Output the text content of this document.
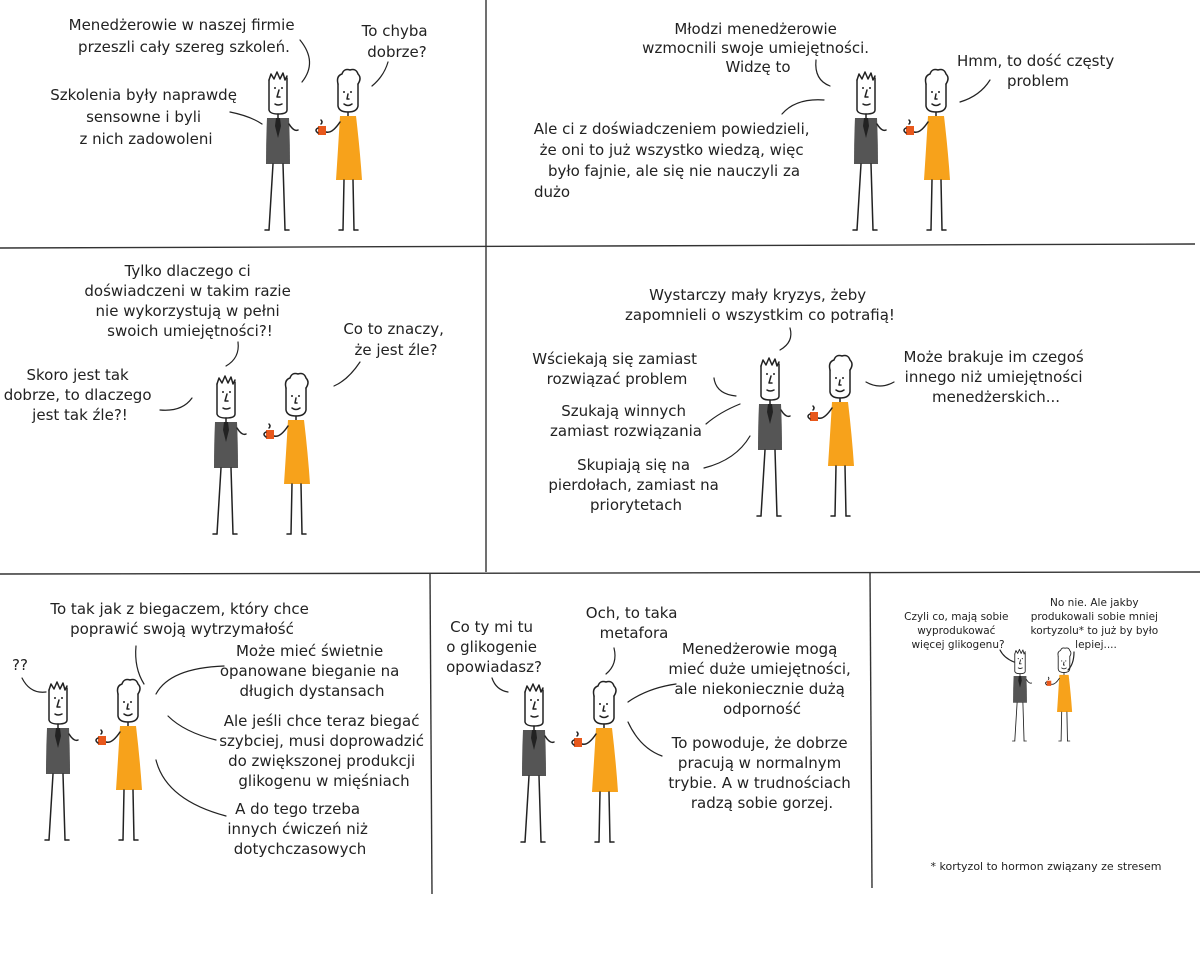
Menedżerowie w naszej firmie przeszli cały szereg szkoleń.
To chyba dobrze?
Szkolenia były naprawdę sensowne i byli z nich zadowoleni
Młodzi menedżerowie wzmocnili swoje umiejętności. Widzę to	Hmm, to dość częsty problem
Ale ci z doświadczeniem powiedzieli, że oni to już wszystko wiedzą, więc było fajnie, ale się nie nauczyli za
dużo
Tylko dlaczego ci doświadczeni w takim razie nie wykorzystują w pełni swoich umiejętności?!	Co to znaczy, że jest źle?
Skoro jest tak dobrze, to dlaczego jest tak źle?!
Wystarczy mały kryzys, żeby zapomnieli o wszystkim co potrafią!
Wściekają się zamiast rozwiązać problem
Może brakuje im czegoś innego niż umiejętności menedżerskich...
Szukają winnych zamiast rozwiązania
Skupiają się na pierdołach, zamiast na priorytetach
To tak jak z biegaczem, który chce poprawić swoją wytrzymałość
??
Może mieć świetnie opanowane bieganie na długich dystansach
Ale jeśli chce teraz biegać szybciej, musi doprowadzić do zwiększonej produkcji glikogenu w mięśniach
A do tego trzeba innych ćwiczeń niż dotychczasowych
Co ty mi tu o glikogenie opowiadasz?
Och, to taka metafora
Menedżerowie mogą mieć duże umiejętności, ale niekoniecznie dużą odporność
To powoduje, że dobrze pracują w normalnym trybie. A w trudnościach radzą sobie gorzej.
Czyli co, mają sobie wyprodukować więcej glikogenu?
No nie. Ale jakby produkowali sobie mniej kortyzolu* to już by było lepiej....
* kortyzol to hormon związany ze stresem
